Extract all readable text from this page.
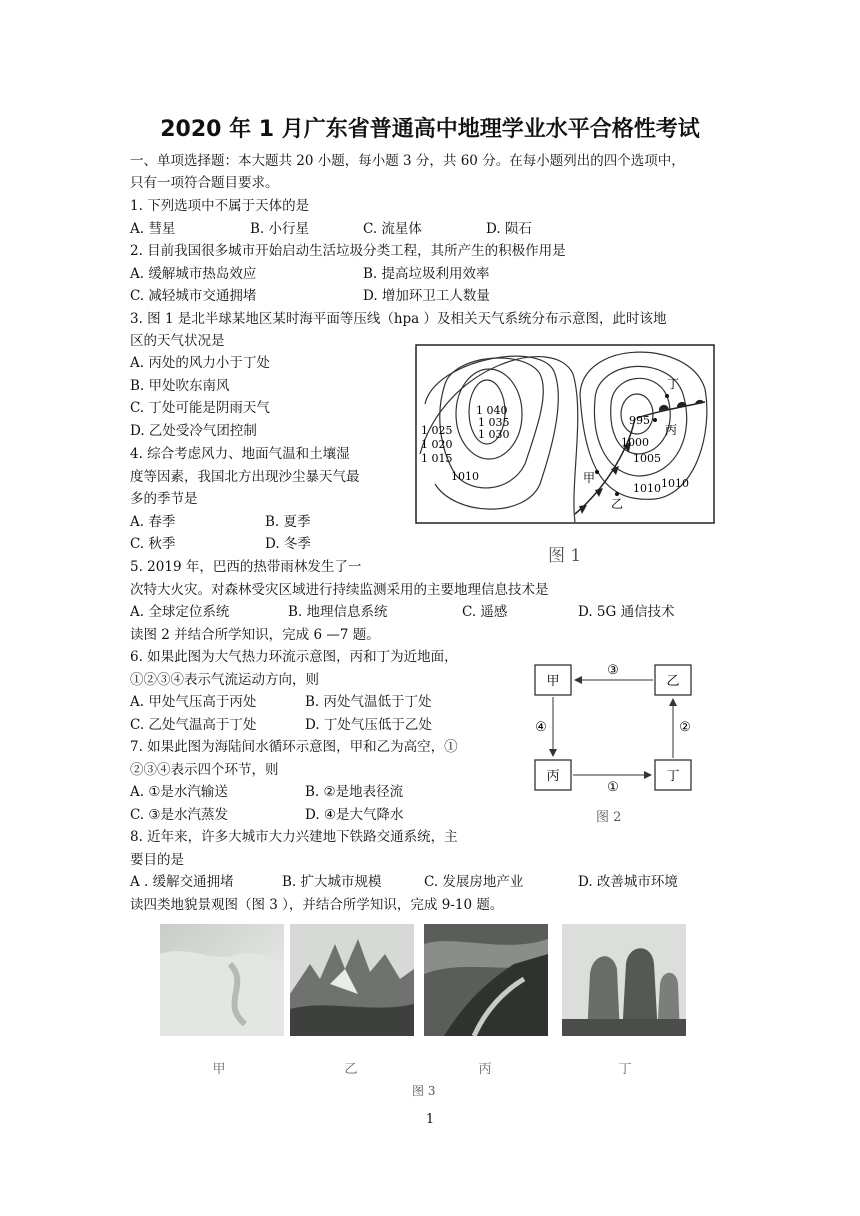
2020 年 1 月广东省普通高中地理学业水平合格性考试
一、单项选择题：本大题共 20 小题，每小题 3 分，共 60 分。在每小题列出的四个选项中，
只有一项符合题目要求。
1. 下列选项中不属于天体的是
A. 彗星	B. 小行星	C. 流星体	D. 陨石
2. 目前我国很多城市开始启动生活垃圾分类工程，其所产生的积极作用是
A. 缓解城市热岛效应	B. 提高垃圾利用效率
C. 减轻城市交通拥堵	D. 增加环卫工人数量
3. 图 1 是北半球某地区某时海平面等压线（hpa ）及相关天气系统分布示意图，此时该地
区的天气状况是
A. 丙处的风力小于丁处
B. 甲处吹东南风
C. 丁处可能是阴雨天气
D. 乙处受冷气团控制
4. 综合考虑风力、地面气温和土壤湿
度等因素，我国北方出现沙尘暴天气最
多的季节是
A. 春季	B. 夏季
C. 秋季	D. 冬季
5. 2019 年，巴西的热带雨林发生了一
次特大火灾。对森林受灾区域进行持续监测采用的主要地理信息技术是
A. 全球定位系统	B. 地理信息系统	C. 遥感	D. 5G 通信技术
读图 2 并结合所学知识，完成 6 —7 题。
6. 如果此图为大气热力环流示意图，丙和丁为近地面，
①②③④表示气流运动方向，则
A. 甲处气压高于丙处	B. 丙处气温低于丁处
C. 乙处气温高于丁处	D. 丁处气压低于乙处
7. 如果此图为海陆间水循环示意图，甲和乙为高空，①
②③④表示四个环节，则
A. ①是水汽输送	B. ②是地表径流
C. ③是水汽蒸发	D. ④是大气降水
8. 近年来，许多大城市大力兴建地下铁路交通系统，主
要目的是
A . 缓解交通拥堵	B. 扩大城市规模	C. 发展房地产业	D. 改善城市环境
读四类地貌景观图（图 3 ），并结合所学知识，完成 9-10 题。
1 040
1 035
1 030
1 025
1 020
1 015
1010
995
1000
1005
1010 1010
甲
乙
丙
丁
图 1
甲	乙
丙	丁
③
④
①
②
图 2
甲	乙	丙	丁
图 3
1
